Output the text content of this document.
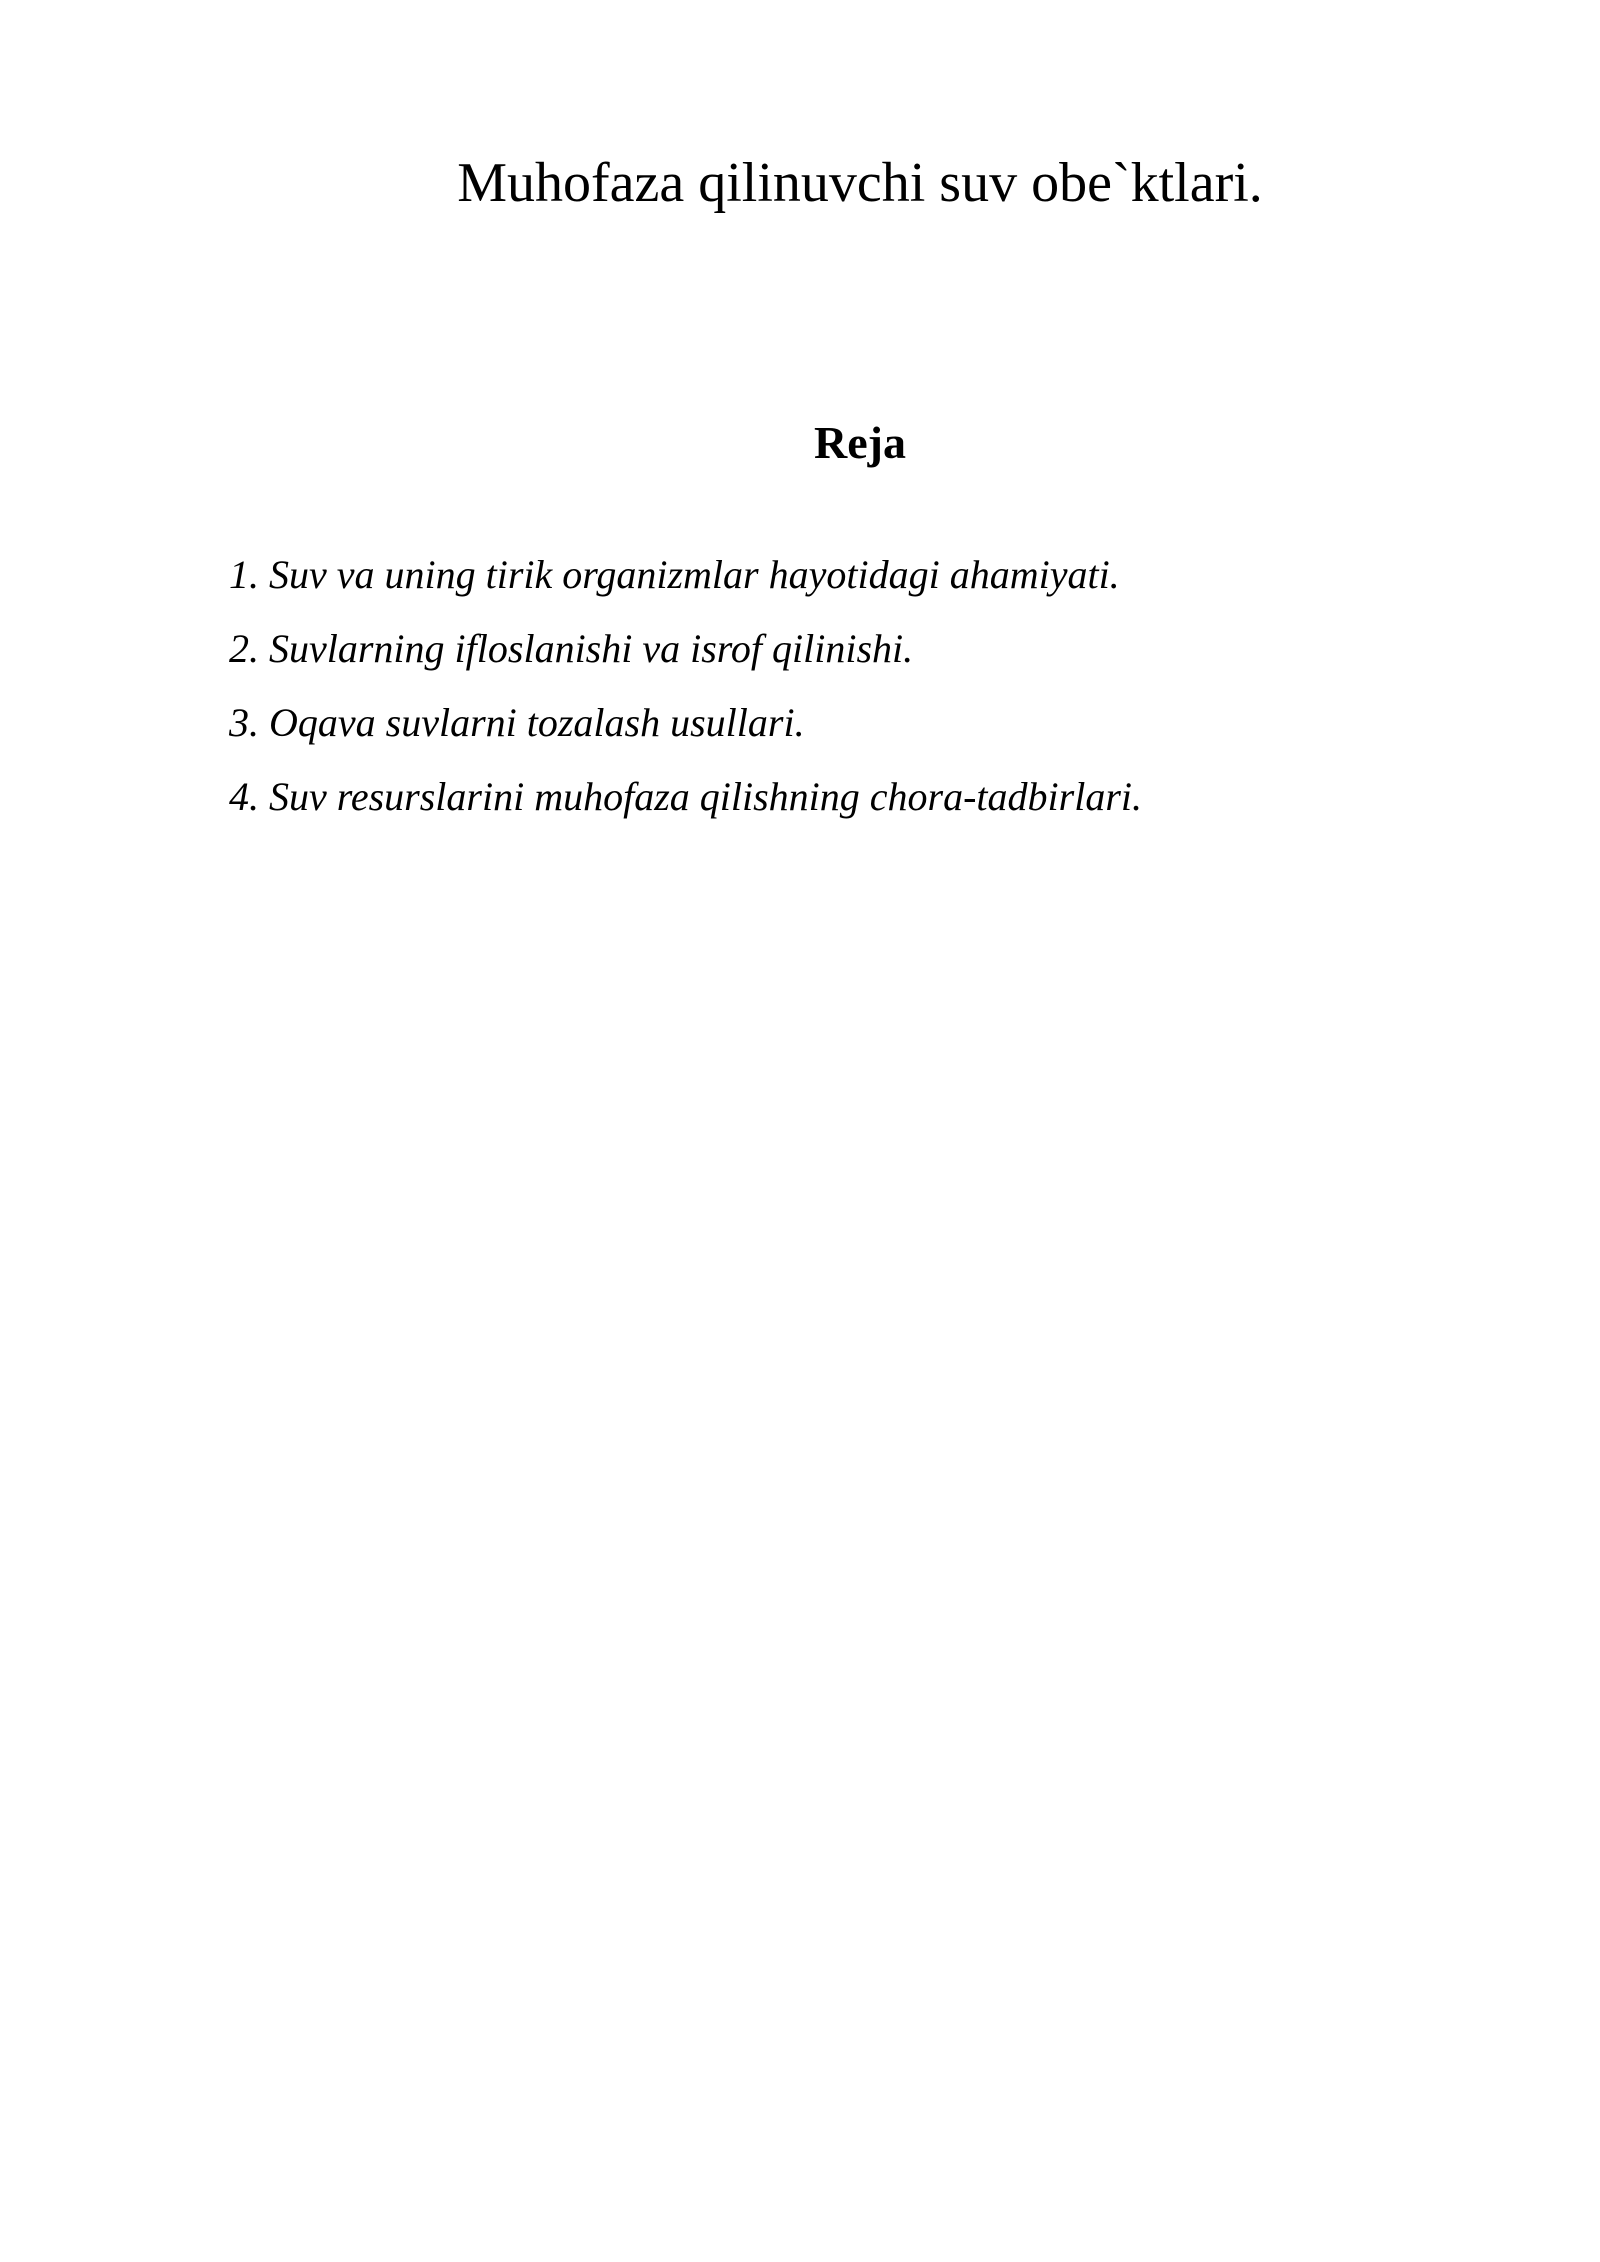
Muhofaza qilinuvchi suv obe`ktlari.
Reja
1. Suv va uning tirik organizmlar hayotidagi ahamiyati.
2. Suvlarning ifloslanishi va isrof qilinishi.
3. Oqava suvlarni tozalash usullari.
4. Suv resurslarini muhofaza qilishning chora-tadbirlari.
